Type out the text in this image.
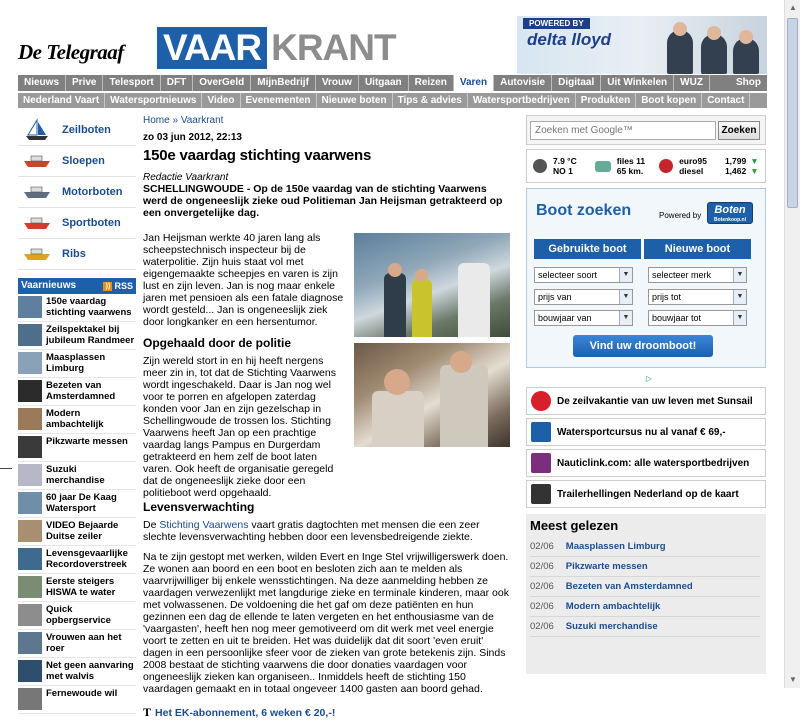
▲
▼
De Telegraaf VAAR KRANT
POWERED BY
delta lloyd
Nieuws	Prive	Telesport	DFT	OverGeld	MijnBedrijf	Vrouw	Uitgaan	Reizen	Varen	Autovisie	Digitaal	Uit Winkelen	WUZ	Shop
Nederland Vaart	Watersportnieuws	Video	Evenementen	Nieuwe boten	Tips & advies	Watersportbedrijven	Produkten	Boot kopen	Contact
Zeilboten
Sloepen
Motorboten
Sportboten
Ribs
Vaarnieuws	)) RSS
150e vaardag stichting vaarwens
Zeilspektakel bij jubileum Randmeer
Maasplassen Limburg
Bezeten van Amsterdamned
Modern ambachtelijk
Pikzwarte messen
Suzuki merchandise
60 jaar De Kaag Watersport
VIDEO Bejaarde Duitse zeiler
Levensgevaarlijke Recordoverstreek
Eerste steigers HISWA te water
Quick opbergservice
Vrouwen aan het roer
Net geen aanvaring met walvis
Fernewoude wil
Home » Vaarkrant
zo 03 jun 2012, 22:13
150e vaardag stichting vaarwens
Redactie Vaarkrant
SCHELLINGWOUDE - Op de 150e vaardag van de stichting Vaarwens werd de ongeneeslijk zieke oud Politieman Jan Heijsman getrakteerd op een onvergetelijke dag.
Jan Heijsman werkte 40 jaren lang als scheepstechnisch inspecteur bij de waterpolitie. Zijn huis staat vol met eigengemaakte scheepjes en varen is zijn lust en zijn leven. Jan is nog maar enkele jaren met pensioen als een fatale diagnose wordt gesteld... Jan is ongeneeslijk ziek door longkanker en een hersentumor.
Opgehaald door de politie
Zijn wereld stort in en hij heeft nergens meer zin in, tot dat de Stichting Vaarwens wordt ingeschakeld. Daar is Jan nog wel voor te porren en afgelopen zaterdag konden voor Jan en zijn gezelschap in Schellingwoude de trossen los. Stichting Vaarwens heeft Jan op een prachtige vaardag langs Pampus en Durgerdam getrakteerd en hem zelf de boot laten varen. Ook heeft de organisatie geregeld dat de ongeneeslijk zieke door een politieboot werd opgehaald.
Levensverwachting
De Stichting Vaarwens vaart gratis dagtochten met mensen die een zeer slechte levensverwachting hebben door een levensbedreigende ziekte.
Na te zijn gestopt met werken, wilden Evert en Inge Stel vrijwilligerswerk doen. Ze wonen aan boord en een boot en besloten zich aan te melden als vaarvrijwilliger bij enkele wensstichtingen. Na deze aanmelding hebben ze vaardagen verwezenlijkt met langdurige zieke en terminale kinderen, maar ook met volwassenen. De voldoening die het gaf om deze patiënten en hun gezinnen een dag de ellende te laten vergeten en het enthousiasme van de 'vaargasten', heeft hen nog meer gemotiveerd om dit werk met veel energie voort te zetten en uit te breiden. Het was duidelijk dat dit soort 'even eruit' dagen in een persoonlijke sfeer voor de zieken van grote betekenis zijn. Sinds 2008 bestaat de stichting vaarwens die door donaties vaardagen voor ongeneeslijk zieken kan organiseen.. Inmiddels heeft de stichting 150 vaardagen gemaakt en in totaal ongeveer 1400 gasten aan boord gehad.
T Het EK-abonnement, 6 weken € 20,-!
Zoeken met Google™
Zoeken
7.9 °C
NO 1
files 11
65 km.
euro95	1,799 ▼
diesel	1,462 ▼
Boot zoeken	Powered by	Boten
Botenkoop.nl
Gebruikte boot	Nieuwe boot
selecteer soort	▼	selecteer merk	▼
prijs van	▼	prijs tot	▼
bouwjaar van	▼	bouwjaar tot	▼
Vind uw droomboot!
▷
De zeilvakantie van uw leven met Sunsail
Watersportcursus nu al vanaf € 69,-
Nauticlink.com: alle watersportbedrijven
Trailerhellingen Nederland op de kaart
Meest gelezen
02/06 Maasplassen Limburg
02/06 Pikzwarte messen
02/06 Bezeten van Amsterdamned
02/06 Modern ambachtelijk
02/06 Suzuki merchandise
